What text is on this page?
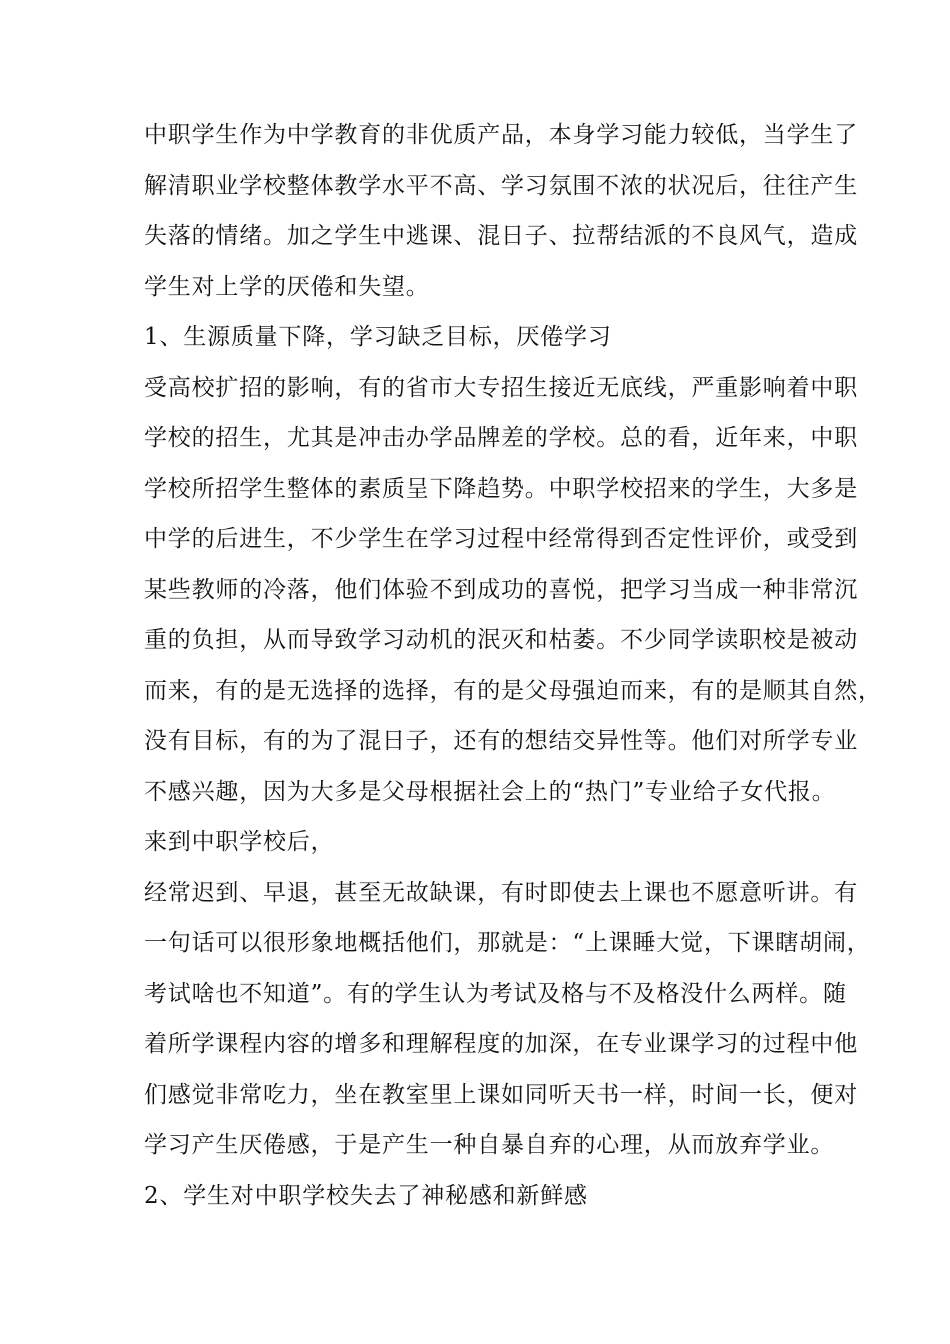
中职学生作为中学教育的非优质产品，本身学习能力较低，当学生了
解清职业学校整体教学水平不高、学习氛围不浓的状况后，往往产生
失落的情绪。加之学生中逃课、混日子、拉帮结派的不良风气，造成
学生对上学的厌倦和失望。
1、生源质量下降，学习缺乏目标，厌倦学习
受高校扩招的影响，有的省市大专招生接近无底线，严重影响着中职
学校的招生，尤其是冲击办学品牌差的学校。总的看，近年来，中职
学校所招学生整体的素质呈下降趋势。中职学校招来的学生，大多是
中学的后进生，不少学生在学习过程中经常得到否定性评价，或受到
某些教师的冷落，他们体验不到成功的喜悦，把学习当成一种非常沉
重的负担，从而导致学习动机的泯灭和枯萎。不少同学读职校是被动
而来，有的是无选择的选择，有的是父母强迫而来，有的是顺其自然，
没有目标，有的为了混日子，还有的想结交异性等。他们对所学专业
不感兴趣，因为大多是父母根据社会上的“热门”专业给子女代报。
来到中职学校后，
经常迟到、早退，甚至无故缺课，有时即使去上课也不愿意听讲。有
一句话可以很形象地概括他们，那就是：“上课睡大觉，下课瞎胡闹，
考试啥也不知道”。有的学生认为考试及格与不及格没什么两样。随
着所学课程内容的增多和理解程度的加深，在专业课学习的过程中他
们感觉非常吃力，坐在教室里上课如同听天书一样，时间一长，便对
学习产生厌倦感，于是产生一种自暴自弃的心理，从而放弃学业。
2、学生对中职学校失去了神秘感和新鲜感
